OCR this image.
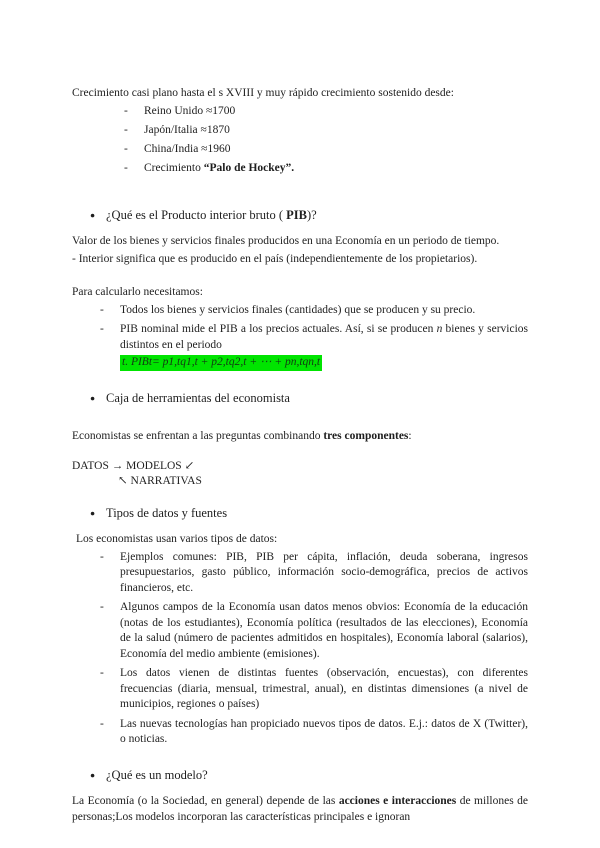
Crecimiento casi plano hasta el s XVIII y muy rápido crecimiento sostenido desde:

-	Reino Unido ≈1700
-	Japón/Italia ≈1870
-	China/India ≈1960
-	Crecimiento “Palo de Hockey”.
● ¿Qué es el Producto interior bruto ( PIB)?

Valor de los bienes y servicios finales producidos en una Economía en un periodo de tiempo.

- Interior significa que es producido en el país (independientemente de los propietarios).

Para calcularlo necesitamos:

-	Todos los bienes y servicios finales (cantidades) que se producen y su precio.
-	PIB nominal mide el PIB a los precios actuales. Así, si se producen n bienes y servicios distintos en el periodo
t. PIBt= p1,tq1,t + p2,tq2,t + ⋯ + pn,tqn,t
● Caja de herramientas del economista

Economistas se enfrentan a las preguntas combinando tres componentes:

DATOS → MODELOS ↙
↖ NARRATIVAS
● Tipos de datos y fuentes

Los economistas usan varios tipos de datos:

-	Ejemplos comunes: PIB, PIB per cápita, inflación, deuda soberana, ingresos presupuestarios, gasto público, información socio-demográfica, precios de activos financieros, etc.
-	Algunos campos de la Economía usan datos menos obvios: Economía de la educación (notas de los estudiantes), Economía política (resultados de las elecciones), Economía de la salud (número de pacientes admitidos en hospitales), Economía laboral (salarios), Economía del medio ambiente (emisiones).
-	Los datos vienen de distintas fuentes (observación, encuestas), con diferentes frecuencias (diaria, mensual, trimestral, anual), en distintas dimensiones (a nivel de municipios, regiones o países)
-	Las nuevas tecnologías han propiciado nuevos tipos de datos. E.j.: datos de X (Twitter), o noticias.
● ¿Qué es un modelo?

La Economía (o la Sociedad, en general) depende de las acciones e interacciones de millones de personas;Los modelos incorporan las características principales e ignoran
